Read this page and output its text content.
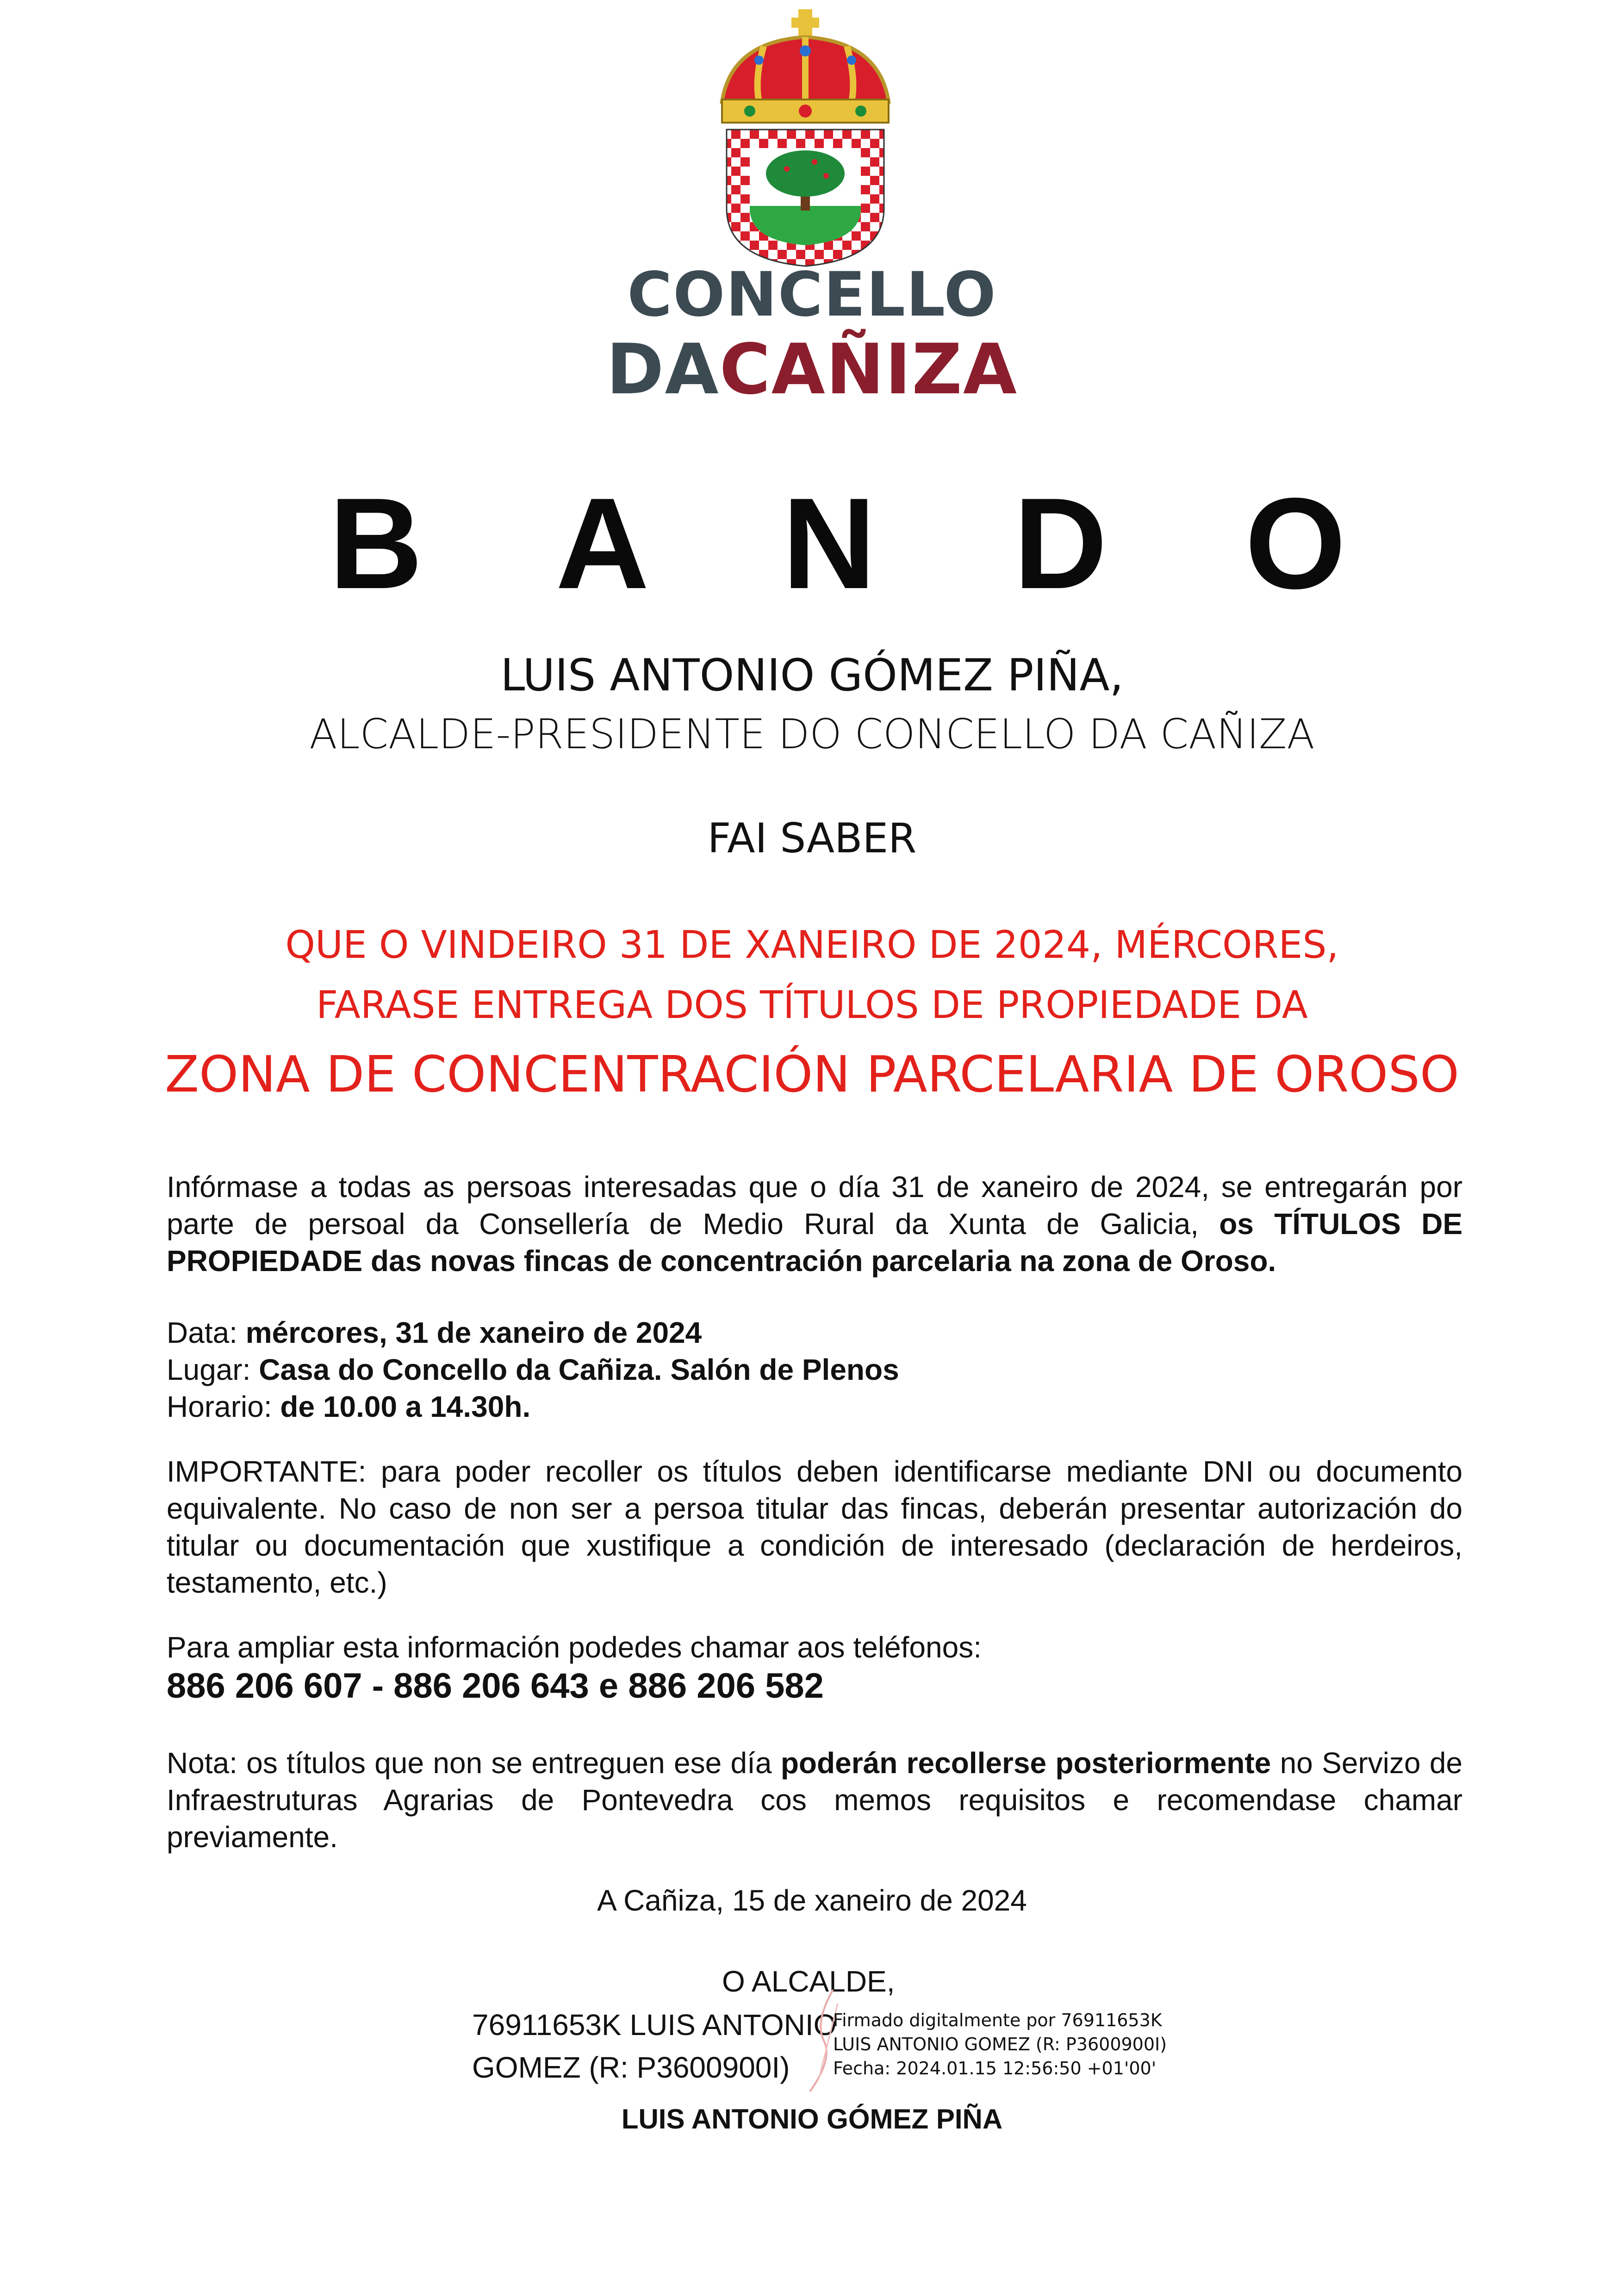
CONCELLO
DACAÑIZA
B A N D O
LUIS ANTONIO GÓMEZ PIÑA,
ALCALDE-PRESIDENTE DO CONCELLO DA CAÑIZA
FAI SABER
QUE O VINDEIRO 31 DE XANEIRO DE 2024, MÉRCORES,
FARASE ENTREGA DOS TÍTULOS DE PROPIEDADE DA
ZONA DE CONCENTRACIÓN PARCELARIA DE OROSO
Infórmase a todas as persoas interesadas que o día 31 de xaneiro de 2024, se entregarán por parte de persoal da Consellería de Medio Rural da Xunta de Galicia, os TÍTULOS DE PROPIEDADE das novas fincas de concentración parcelaria na zona de Oroso.
Data: mércores, 31 de xaneiro de 2024
Lugar: Casa do Concello da Cañiza. Salón de Plenos
Horario: de 10.00 a 14.30h.
IMPORTANTE: para poder recoller os títulos deben identificarse mediante DNI ou documento equivalente. No caso de non ser a persoa titular das fincas, deberán presentar autorización do titular ou documentación que xustifique a condición de interesado (declaración de herdeiros, testamento, etc.)
Para ampliar esta información podedes chamar aos teléfonos:
886 206 607 - 886 206 643 e 886 206 582
Nota: os títulos que non se entreguen ese día poderán recollerse posteriormente no Servizo de Infraestruturas Agrarias de Pontevedra cos memos requisitos e recomendase chamar previamente.
A Cañiza, 15 de xaneiro de 2024
O ALCALDE,
76911653K LUIS ANTONIO
GOMEZ (R: P3600900I)
Firmado digitalmente por 76911653K
LUIS ANTONIO GOMEZ (R: P3600900I)
Fecha: 2024.01.15 12:56:50 +01'00'
LUIS ANTONIO GÓMEZ PIÑA
